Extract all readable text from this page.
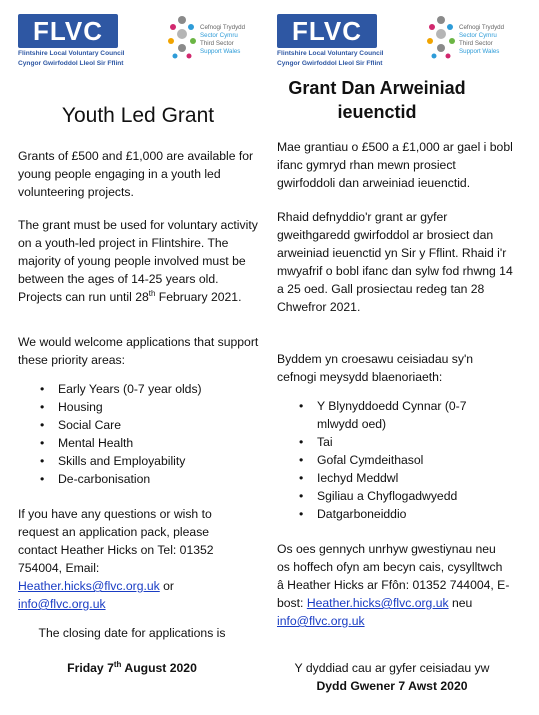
FLVC
Flintshire Local Voluntary Council
Cyngor Gwirfoddol Lleol Sir Fflint
Cefnogi Trydydd
Sector Cymru
Third Sector
Support Wales
Youth Led Grant

Grants of £500 and £1,000 are available for young people engaging in a youth led volunteering projects.

The grant must be used for voluntary activity on a youth-led project in Flintshire. The majority of young people involved must be between the ages of 14-25 years old. Projects can run until 28th February 2021.

We would welcome applications that support these priority areas:

• Early Years (0-7 year olds)
• Housing
• Social Care
• Mental Health
• Skills and Employability
• De-carbonisation

If you have any questions or wish to request an application pack, please contact Heather Hicks on Tel: 01352 754004, Email: Heather.hicks@flvc.org.uk or info@flvc.org.uk

The closing date for applications is

Friday 7th August 2020

FLVC
Flintshire Local Voluntary Council
Cyngor Gwirfoddol Lleol Sir Fflint
Cefnogi Trydydd
Sector Cymru
Third Sector
Support Wales
Grant Dan Arweiniad ieuenctid

Mae grantiau o £500 a £1,000 ar gael i bobl ifanc gymryd rhan mewn prosiect gwirfoddoli dan arweiniad ieuenctid.

Rhaid defnyddio'r grant ar gyfer gweithgaredd gwirfoddol ar brosiect dan arweiniad ieuenctid yn Sir y Fflint. Rhaid i'r mwyafrif o bobl ifanc dan sylw fod rhwng 14 a 25 oed. Gall prosiectau redeg tan 28 Chwefror 2021.

Byddem yn croesawu ceisiadau sy'n cefnogi meysydd blaenoriaeth:

• Y Blynyddoedd Cynnar (0-7 mlwydd oed)
• Tai
• Gofal Cymdeithasol
• Iechyd Meddwl
• Sgiliau a Chyflogadwyedd
• Datgarboneiddio

Os oes gennych unrhyw gwestiynau neu os hoffech ofyn am becyn cais, cysylltwch â Heather Hicks ar Ffôn: 01352 744004, E-bost: Heather.hicks@flvc.org.uk neu info@flvc.org.uk

Y dyddiad cau ar gyfer ceisiadau yw

Dydd Gwener 7 Awst 2020
